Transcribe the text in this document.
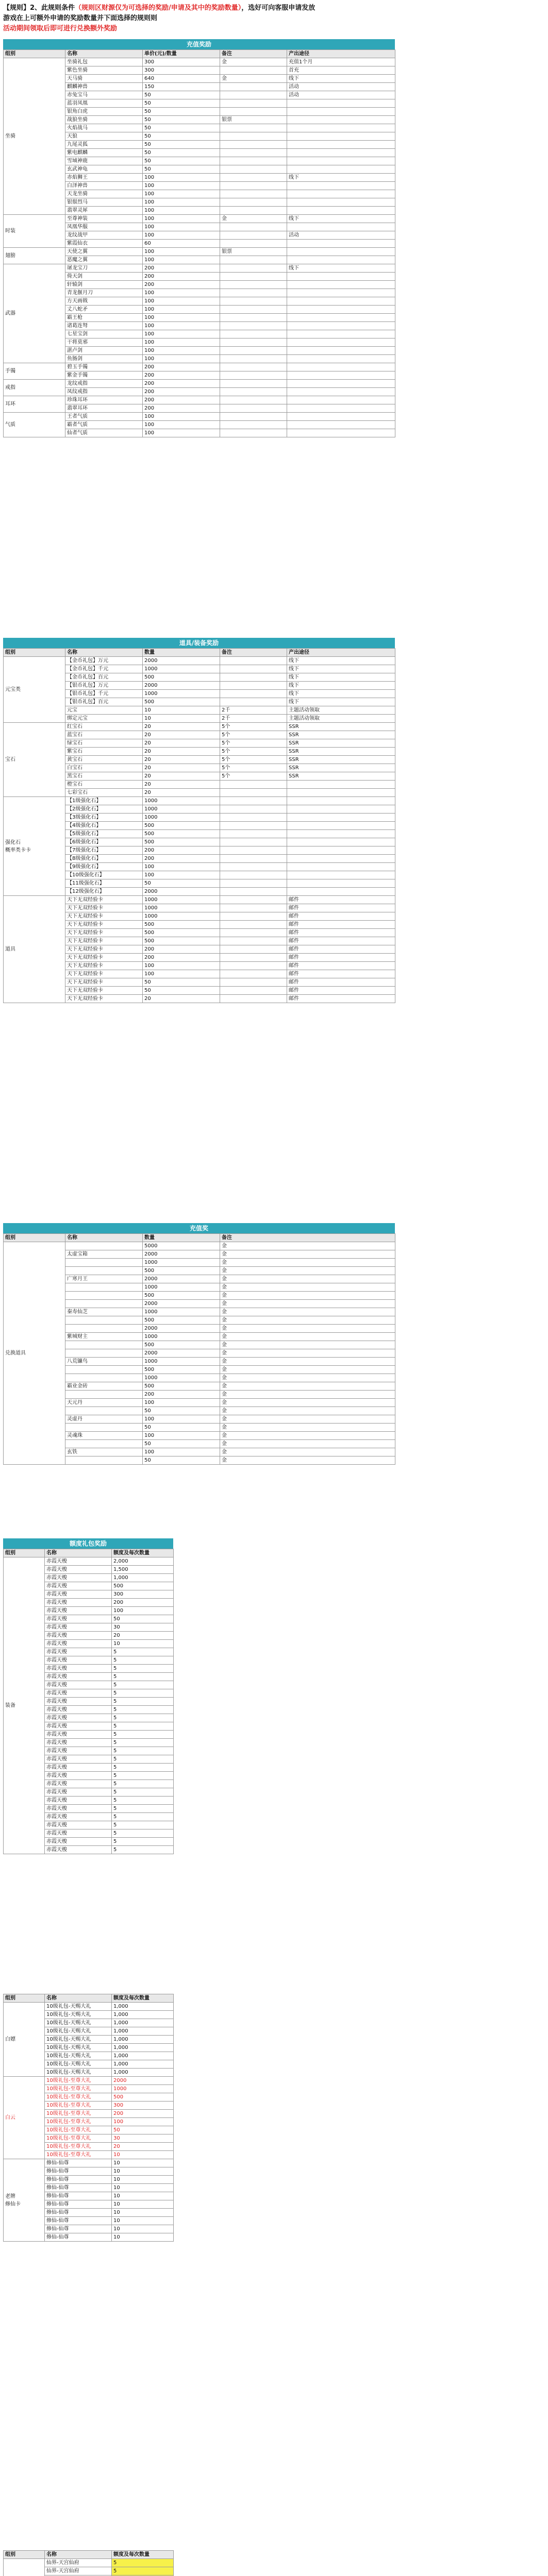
【规则】2、此规则条件（规则区财源仅为可选择的奖励/申请及其中的奖励数量），选好可向客服申请发放
游戏在上可额外申请的奖励数量并下面选择的规则则
活动期间领取后即可进行兑换额外奖励
充值奖励
组别	名称	单价(元)/数量	备注	产出途径
坐骑	坐骑礼包	300	金	充值1个月
	紫色坐骑	300		首充
	天马骑	640	金	线下
	麒麟神兽	150		活动
	赤兔宝马	50		活动
	蓝羽凤凰	50		
	银角白虎	50		
	战狼坐骑	50	银票	
	火焰战马	50		
	天狼	50		
	九尾灵狐	50		
	紫电麒麟	50		
	雪域神鹿	50		
	玄武神龟	50		
	赤焰狮王	100		线下
	白泽神兽	100		
	天龙坐骑	100		
	银鬃烈马	100		
	翡翠灵犀	100		
时装	至尊神装	100	金	线下
	凤凰华服	100		
	龙纹战甲	100		活动
	紫霞仙衣	60		
翅膀	天使之翼	100	银票	
	恶魔之翼	100		
武器	屠龙宝刀	200		线下
	倚天剑	200		
	轩辕剑	200		
	青龙偃月刀	100		
	方天画戟	100		
	丈八蛇矛	100		
	霸王枪	100		
	诸葛连弩	100		
	七星宝剑	100		
	干将莫邪	100		
	湛卢剑	100		
	鱼肠剑	100		
手镯	碧玉手镯	200		
	紫金手镯	200		
戒指	龙纹戒指	200		
	凤纹戒指	200		
耳环	珍珠耳环	200		
	翡翠耳环	200		
气质	王者气质	100		
	霸者气质	100		
	仙者气质	100		
道具/装备奖励
组别	名称	数量	备注	产出途径
元宝类	【金币礼包】万元	2000		线下
	【金币礼包】千元	1000		线下
	【金币礼包】百元	500		线下
	【银币礼包】万元	2000		线下
	【银币礼包】千元	1000		线下
	【银币礼包】百元	500		线下
	元宝	10	2千	主题活动领取
	绑定元宝	10	2千	主题活动领取
宝石	红宝石	20	5个	SSR
	蓝宝石	20	5个	SSR
	绿宝石	20	5个	SSR
	紫宝石	20	5个	SSR
	黄宝石	20	5个	SSR
	白宝石	20	5个	SSR
	黑宝石	20	5个	SSR
	橙宝石	20		
	七彩宝石	20		
强化石
概率类卡卡	【1级强化石】	1000		
	【2级强化石】	1000		
	【3级强化石】	1000		
	【4级强化石】	500		
	【5级强化石】	500		
	【6级强化石】	500		
	【7级强化石】	200		
	【8级强化石】	200		
	【9级强化石】	100		
	【10级强化石】	100		
	【11级强化石】	50		
	【12级强化石】	2000		
道具	天下无双经验卡	1000		邮件
	天下无双经验卡	1000		邮件
	天下无双经验卡	1000		邮件
	天下无双经验卡	500		邮件
	天下无双经验卡	500		邮件
	天下无双经验卡	500		邮件
	天下无双经验卡	200		邮件
	天下无双经验卡	200		邮件
	天下无双经验卡	100		邮件
	天下无双经验卡	100		邮件
	天下无双经验卡	50		邮件
	天下无双经验卡	50		邮件
	天下无双经验卡	20		邮件
充值奖
组别	名称	数量	备注
兑换道具		5000	金
	太虚宝箱	2000	金
		1000	金
		500	金
	广寒月王	2000	金
		1000	金
		500	金
		2000	金
	秦寿仙芝	1000	金
		500	金
		2000	金
	紫城财主	1000	金
		500	金
		2000	金
	八荒镰鸟	1000	金
		500	金
		1000	金
	霸业金砖	500	金
		200	金
	天元丹	100	金
		50	金
	灵虚丹	100	金
		50	金
	灵魂珠	100	金
		50	金
	玄铁	100	金
		50	金
额度礼包奖励
组别	名称	额度及每次数量
装备	赤霞天梭	2,000
	赤霞天梭	1,500
	赤霞天梭	1,000
	赤霞天梭	500
	赤霞天梭	300
	赤霞天梭	200
	赤霞天梭	100
	赤霞天梭	50
	赤霞天梭	30
	赤霞天梭	20
	赤霞天梭	10
	赤霞天梭	5
	赤霞天梭	5
	赤霞天梭	5
	赤霞天梭	5
	赤霞天梭	5
	赤霞天梭	5
	赤霞天梭	5
	赤霞天梭	5
	赤霞天梭	5
	赤霞天梭	5
	赤霞天梭	5
	赤霞天梭	5
	赤霞天梭	5
	赤霞天梭	5
	赤霞天梭	5
	赤霞天梭	5
	赤霞天梭	5
	赤霞天梭	5
	赤霞天梭	5
	赤霞天梭	5
	赤霞天梭	5
	赤霞天梭	5
	赤霞天梭	5
	赤霞天梭	5
	赤霞天梭	5
组别	名称	额度及每次数量
白嫖	10级礼包-天赐大礼	1,000
	10级礼包-天赐大礼	1,000
	10级礼包-天赐大礼	1,000
	10级礼包-天赐大礼	1,000
	10级礼包-天赐大礼	1,000
	10级礼包-天赐大礼	1,000
	10级礼包-天赐大礼	1,000
	10级礼包-天赐大礼	1,000
	10级礼包-天赐大礼	1,000
白云	10级礼包-至尊大礼	2000
	10级礼包-至尊大礼	1000
	10级礼包-至尊大礼	500
	10级礼包-至尊大礼	300
	10级礼包-至尊大礼	200
	10级礼包-至尊大礼	100
	10级礼包-至尊大礼	50
	10级礼包-至尊大礼	30
	10级礼包-至尊大礼	20
	10级礼包-至尊大礼	10
老牌
修仙卡	修仙-仙尊	10
	修仙-仙尊	10
	修仙-仙尊	10
	修仙-仙尊	10
	修仙-仙尊	10
	修仙-仙尊	10
	修仙-仙尊	10
	修仙-仙尊	10
	修仙-仙尊	10
	修仙-仙尊	10
组别	名称	额度及每次数量
	仙界-天宫仙府	5
	仙界-天宫仙府	5
